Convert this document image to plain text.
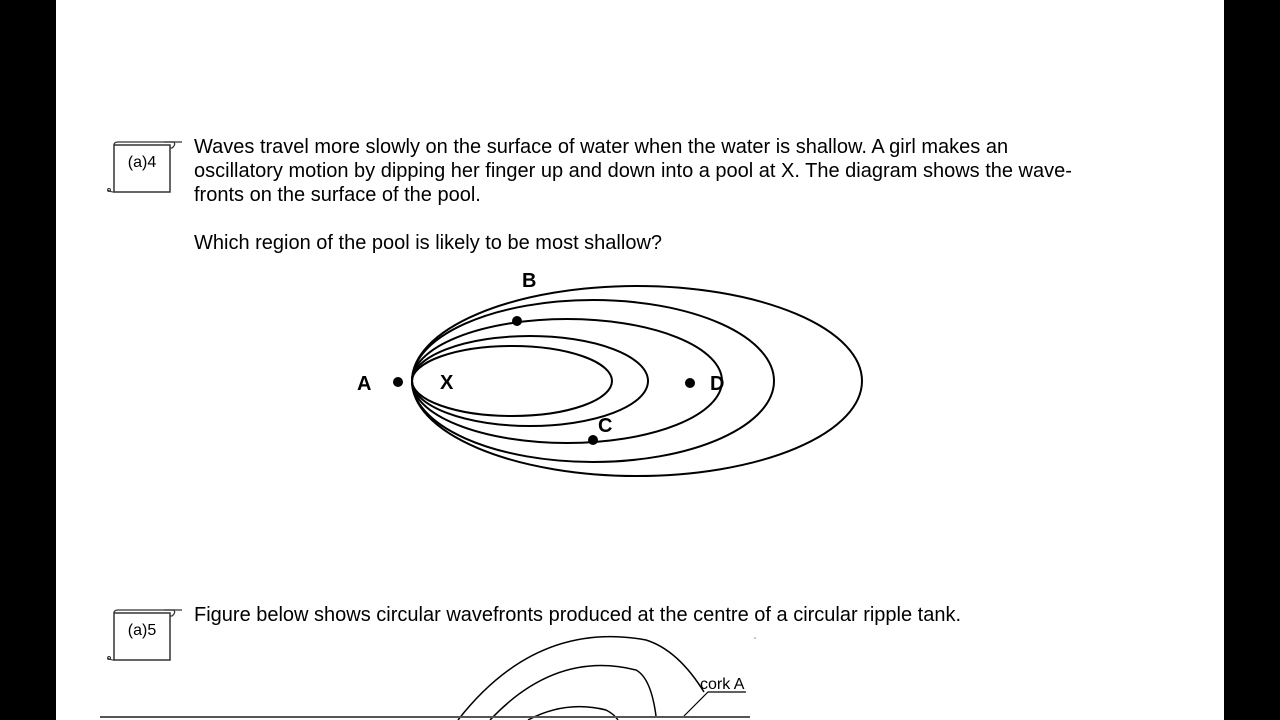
(a)4

Waves travel more slowly on the surface of water when the water is shallow. A girl makes an oscillatory motion by dipping her finger up and down into a pool at X. The diagram shows the wave-fronts on the surface of the pool.

Which region of the pool is likely to be most shallow?

A
B
C
D
X
(a)5

Figure below shows circular wavefronts produced at the centre of a circular ripple tank.

cork A
